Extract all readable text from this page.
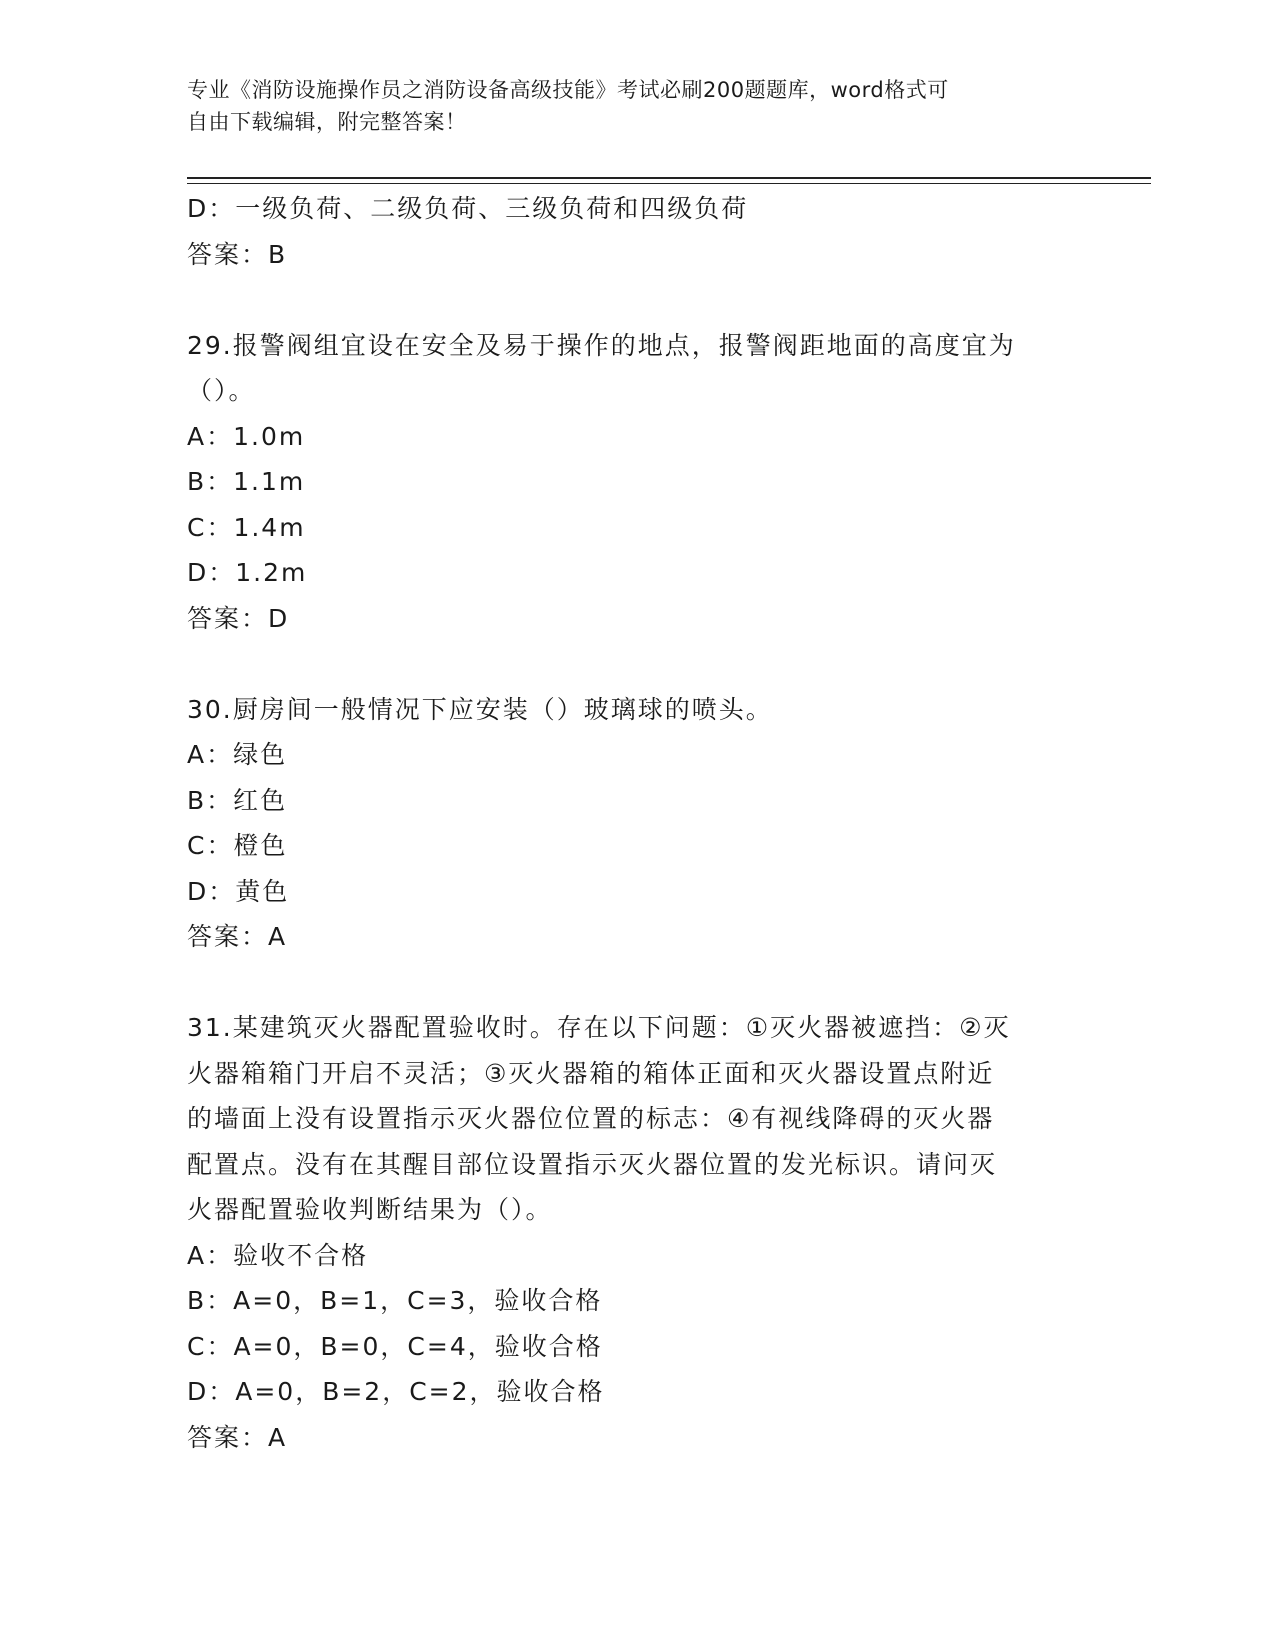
专业《消防设施操作员之消防设备高级技能》考试必刷200题题库，word格式可
自由下载编辑，附完整答案！

D：一级负荷、二级负荷、三级负荷和四级负荷

答案：B

29.报警阀组宜设在安全及易于操作的地点，报警阀距地面的高度宜为

（）。

A：1.0m

B：1.1m

C：1.4m

D：1.2m

答案：D

30.厨房间一般情况下应安装（）玻璃球的喷头。

A：绿色

B：红色

C：橙色

D：黄色

答案：A

31.某建筑灭火器配置验收时。存在以下问题：①灭火器被遮挡：②灭

火器箱箱门开启不灵活；③灭火器箱的箱体正面和灭火器设置点附近

的墙面上没有设置指示灭火器位位置的标志：④有视线降碍的灭火器

配置点。没有在其醒目部位设置指示灭火器位置的发光标识。请问灭

火器配置验收判断结果为（）。

A：验收不合格

B：A=0，B=1，C=3，验收合格

C：A=0，B=0，C=4，验收合格

D：A=0，B=2，C=2，验收合格

答案：A
